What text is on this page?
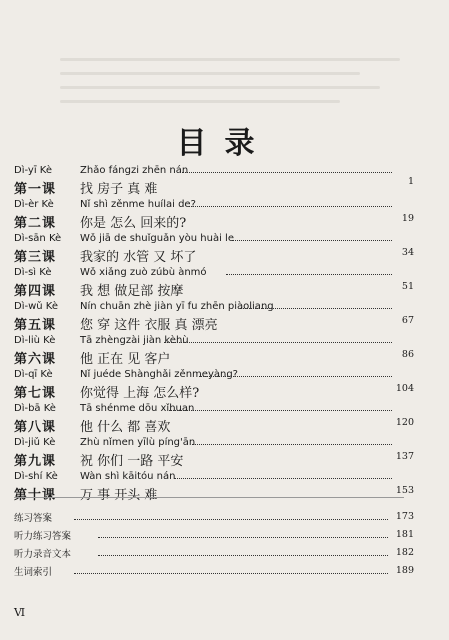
目录
Dì-yī Kè	Zhǎo fángzi zhēn nán
第一课 找 房子 真 难
1
Dì-èr Kè	Nǐ shì zěnme huílai de?
第二课 你是 怎么 回来的?	19
Dì-sān Kè Wǒ jiā de shuǐguǎn yòu huài le
第三课 我家的 水管 又 坏了	34
Dì-sì Kè	Wǒ xiǎng zuò zúbù ànmó
第四课 我 想 做足部 按摩	51
Dì-wǔ Kè Nín chuān zhè jiàn yī fu zhēn piàoliang
第五课 您 穿 这件 衣服 真 漂亮	67
Dì-liù Kè Tā zhèngzài jiàn kèhù
第六课 他 正在 见 客户	86
Dì-qī Kè	Nǐ juéde Shànghǎi zěnmeyàng?
第七课 你觉得 上海 怎么样?	104
Dì-bā Kè Tā shénme dōu xǐhuan
第八课 他 什么 都 喜欢	120
Dì-jiǔ Kè Zhù nǐmen yīlù píng'ān
第九课 祝 你们 一路 平安	137
Dì-shí Kè Wàn shì kāitóu nán
第十课 万 事 开头 难	153
练习答案	173
听力练习答案	181
听力录音文本	182
生词索引	189
Ⅵ
